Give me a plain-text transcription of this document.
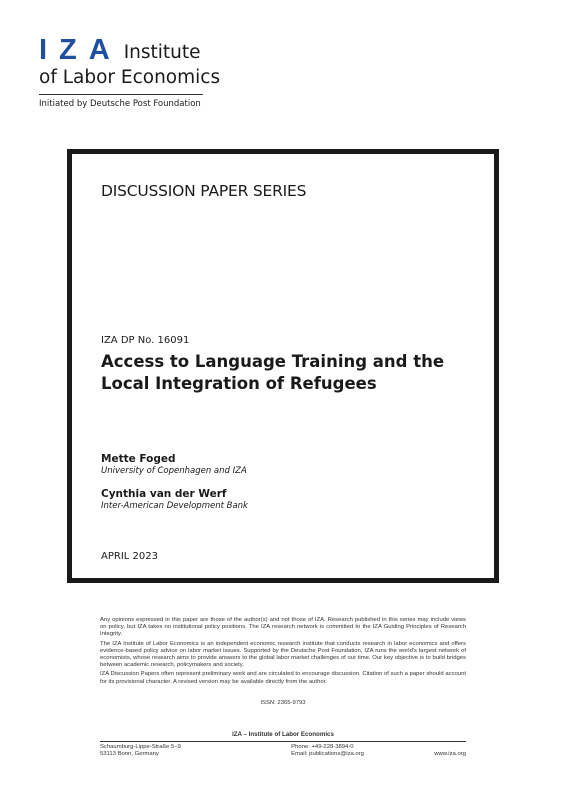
IZA Institute
of Labor Economics
Initiated by Deutsche Post Foundation
DISCUSSION PAPER SERIES
IZA DP No. 16091
Access to Language Training and the
Local Integration of Refugees
Mette Foged
University of Copenhagen and IZA
Cynthia van der Werf
Inter-American Development Bank
APRIL 2023

Any opinions expressed in this paper are those of the author(s) and not those of IZA. Research published in this series may include views on policy, but IZA takes no institutional policy positions. The IZA research network is committed to the IZA Guiding Principles of Research Integrity.

The IZA Institute of Labor Economics is an independent economic research institute that conducts research in labor economics and offers evidence-based policy advice on labor market issues. Supported by the Deutsche Post Foundation, IZA runs the world's largest network of economists, whose research aims to provide answers to the global labor market challenges of our time. Our key objective is to build bridges between academic research, policymakers and society.

IZA Discussion Papers often represent preliminary work and are circulated to encourage discussion. Citation of such a paper should account for its provisional character. A revised version may be available directly from the author.

ISSN: 2365-9793
IZA – Institute of Labor Economics
Schaumburg-Lippe-Straße 5–9
53113 Bonn, Germany
Phone: +49-228-3894-0
Email: publications@iza.org	www.iza.org
